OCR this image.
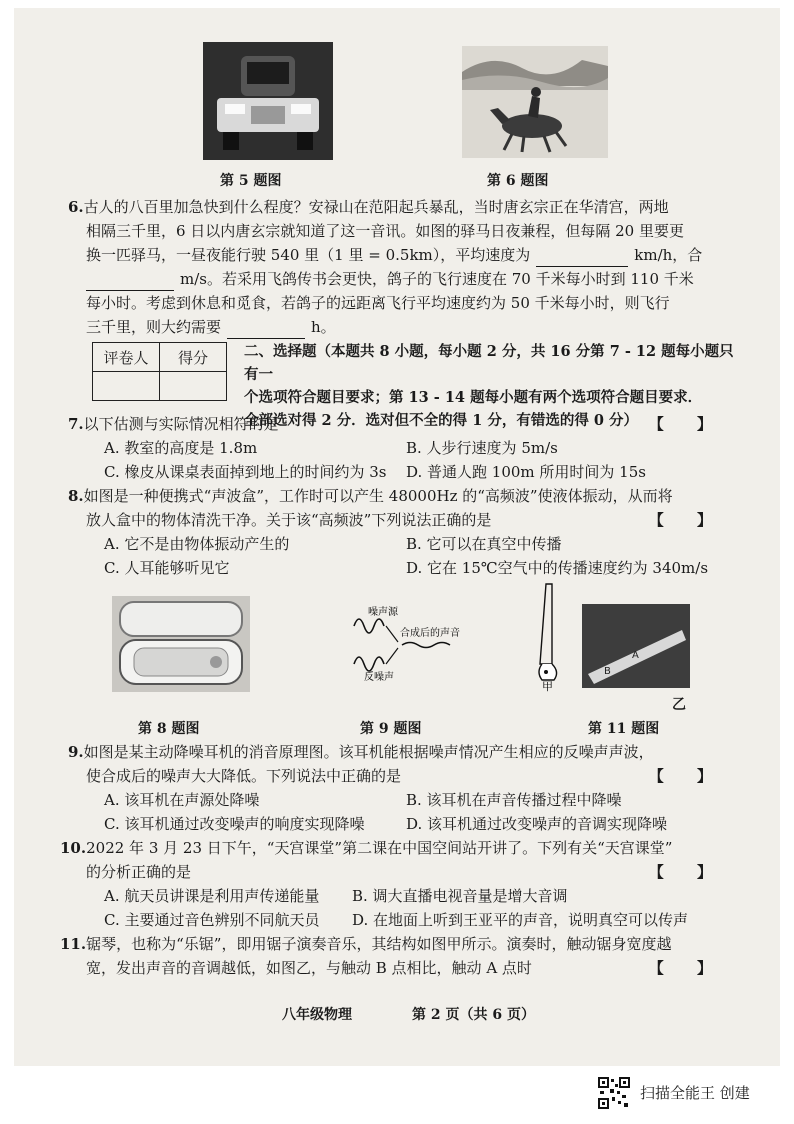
第 5 题图	第 6 题图
6.古人的八百里加急快到什么程度？安禄山在范阳起兵暴乱，当时唐玄宗正在华清宫，两地
相隔三千里，6 日以内唐玄宗就知道了这一音讯。如图的驿马日夜兼程，但每隔 20 里要更
换一匹驿马，一昼夜能行驶 540 里（1 里 = 0.5km），平均速度为	km/h，合
m/s。若采用飞鸽传书会更快，鸽子的飞行速度在 70 千米每小时到 110 千米
每小时。考虑到休息和觅食，若鸽子的远距离飞行平均速度约为 50 千米每小时，则飞行
三千里，则大约需要	h。
评卷人	得分
	二、选择题（本题共 8 小题，每小题 2 分，共 16 分第 7 - 12 题每小题只有一
个选项符合题目要求；第 13 - 14 题每小题有两个选项符合题目要求．
全部选对得 2 分．选对但不全的得 1 分，有错选的得 0 分）
7.以下估测与实际情况相符的是	【 】
A. 教室的高度是 1.8m	B. 人步行速度为 5m/s
C. 橡皮从课桌表面掉到地上的时间约为 3s D. 普通人跑 100m 所用时间为 15s
8.如图是一种便携式“声波盒”，工作时可以产生 48000Hz 的“高频波”使液体振动，从而将
放人盒中的物体清洗干净。关于该“高频波”下列说法正确的是	【 】
A. 它不是由物体振动产生的	B. 它可以在真空中传播
C. 人耳能够听见它	D. 它在 15℃空气中的传播速度约为 340m/s
第 8 题图
噪声源
反噪声
合成后的声音
第 9 题图
甲
A
B
乙
第 11 题图
9.如图是某主动降噪耳机的消音原理图。该耳机能根据噪声情况产生相应的反噪声声波，
使合成后的噪声大大降低。下列说法中正确的是	【 】
A. 该耳机在声源处降噪	B. 该耳机在声音传播过程中降噪
C. 该耳机通过改变噪声的响度实现降噪	D. 该耳机通过改变噪声的音调实现降噪
10.2022 年 3 月 23 日下午，“天宫课堂”第二课在中国空间站开讲了。下列有关“天宫课堂”
的分析正确的是	【 】
A. 航天员讲课是利用声传递能量 B. 调大直播电视音量是增大音调
C. 主要通过音色辨别不同航天员 D. 在地面上听到王亚平的声音，说明真空可以传声
11.锯琴，也称为“乐锯”，即用锯子演奏音乐，其结构如图甲所示。演奏时，触动锯身宽度越
宽，发出声音的音调越低，如图乙，与触动 B 点相比，触动 A 点时	【 】
八年级物理	第 2 页（共 6 页）
扫描全能王 创建
